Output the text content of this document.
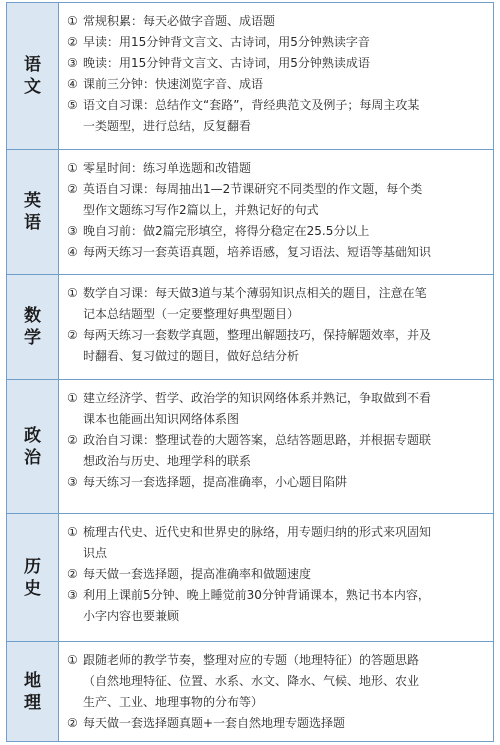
语文
① 常规积累：每天必做字音题、成语题
② 早读：用15分钟背文言文、古诗词，用5分钟熟读字音
③ 晚读：用15分钟背文言文、古诗词，用5分钟熟读成语
④ 课前三分钟：快速浏览字音、成语
⑤ 语文自习课：总结作文“套路”，背经典范文及例子；每周主攻某
一类题型，进行总结，反复翻看
英语
① 零星时间：练习单选题和改错题
② 英语自习课：每周抽出1—2节课研究不同类型的作文题，每个类
型作文题练习写作2篇以上，并熟记好的句式
③ 晚自习前：做2篇完形填空，将得分稳定在25.5分以上
④ 每两天练习一套英语真题，培养语感，复习语法、短语等基础知识
数学
① 数学自习课：每天做3道与某个薄弱知识点相关的题目，注意在笔
记本总结题型（一定要整理好典型题目）
② 每两天练习一套数学真题，整理出解题技巧，保持解题效率，并及
时翻看、复习做过的题目，做好总结分析
政治
① 建立经济学、哲学、政治学的知识网络体系并熟记，争取做到不看
课本也能画出知识网络体系图
② 政治自习课：整理试卷的大题答案，总结答题思路，并根据专题联
想政治与历史、地理学科的联系
③ 每天练习一套选择题，提高准确率，小心题目陷阱
历史
① 梳理古代史、近代史和世界史的脉络，用专题归纳的形式来巩固知
识点
② 每天做一套选择题，提高准确率和做题速度
③ 利用上课前5分钟、晚上睡觉前30分钟背诵课本，熟记书本内容，
小字内容也要兼顾
地理
① 跟随老师的教学节奏，整理对应的专题（地理特征）的答题思路
（自然地理特征、位置、水系、水文、降水、气候、地形、农业
生产、工业、地理事物的分布等）
② 每天做一套选择题真题+一套自然地理专题选择题
